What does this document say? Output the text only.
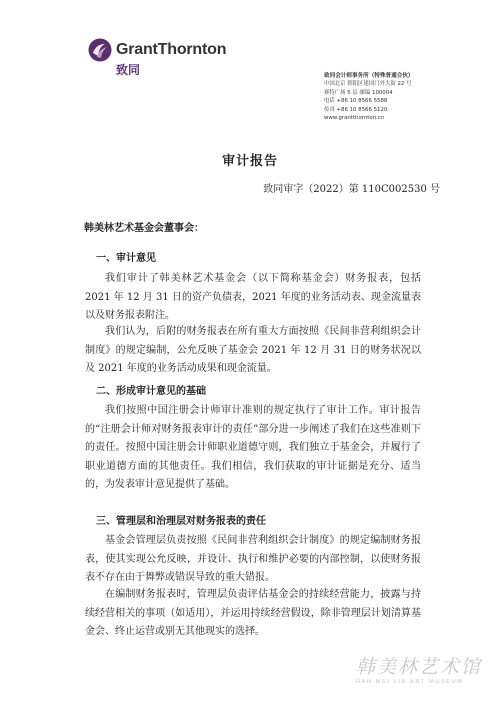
GrantThornton
致同	致同会计师事务所（特殊普通合伙）
中国北京 朝阳区建国门外大街 22 号
赛特广场 5 层 邮编 100004
电话 +86 10 8566 5588
传真 +86 10 8566 5120
www.grantthornton.cn
审计报告
致同审字（2022）第 110C002530 号
韩美林艺术基金会董事会：
一、审计意见
我们审计了韩美林艺术基金会（以下简称基金会）财务报表，包括 2021 年 12 月 31 日的资产负债表，2021 年度的业务活动表、现金流量表以及财务报表附注。
我们认为，后附的财务报表在所有重大方面按照《民间非营利组织会计制度》的规定编制，公允反映了基金会 2021 年 12 月 31 日的财务状况以及 2021 年度的业务活动成果和现金流量。
二、形成审计意见的基础
我们按照中国注册会计师审计准则的规定执行了审计工作。审计报告的“注册会计师对财务报表审计的责任”部分进一步阐述了我们在这些准则下的责任。按照中国注册会计师职业道德守则，我们独立于基金会，并履行了职业道德方面的其他责任。我们相信，我们获取的审计证据是充分、适当的，为发表审计意见提供了基础。
三、管理层和治理层对财务报表的责任
基金会管理层负责按照《民间非营利组织会计制度》的规定编制财务报表，使其实现公允反映，并设计、执行和维护必要的内部控制，以使财务报表不存在由于舞弊或错误导致的重大错报。
在编制财务报表时，管理层负责评估基金会的持续经营能力，披露与持续经营相关的事项（如适用），并运用持续经营假设，除非管理层计划清算基金会、终止运营或别无其他现实的选择。
韩美林艺术馆
HAN MEI LIN ART MUSEUM
